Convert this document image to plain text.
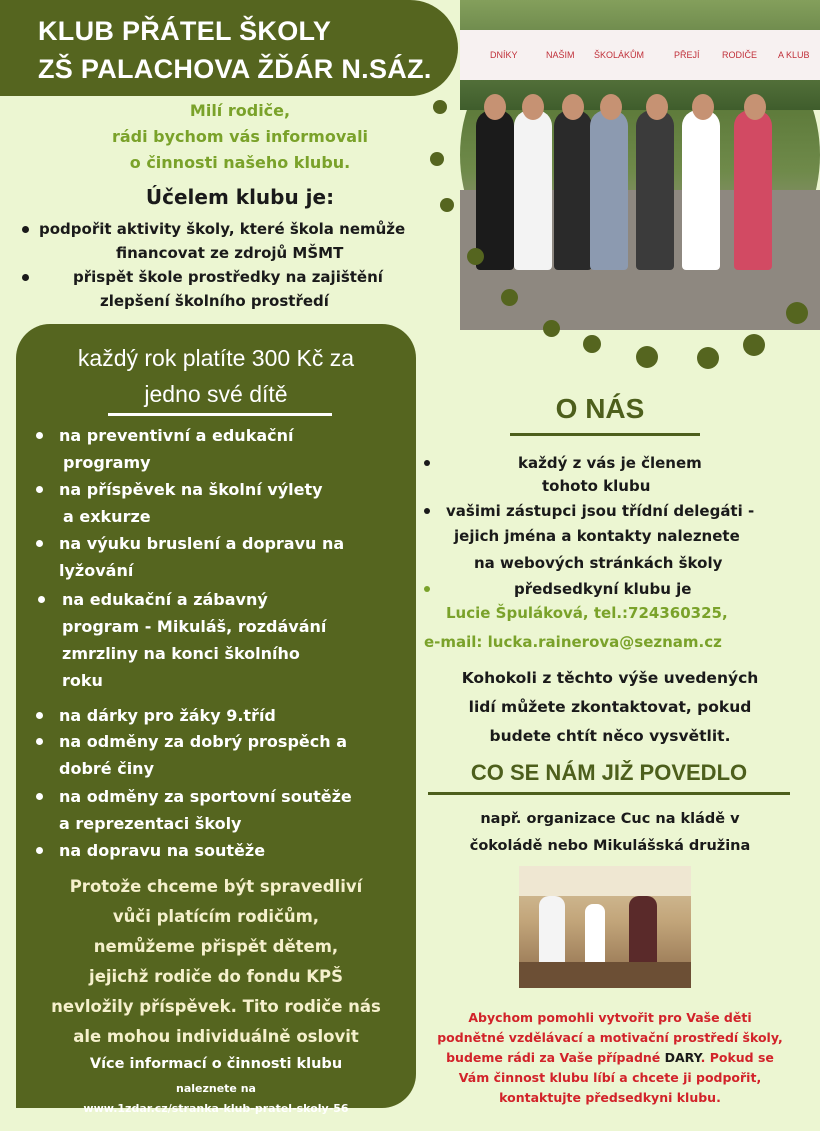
KLUB PŘÁTEL ŠKOLY
ZŠ PALACHOVA ŽĎÁR N.SÁZ.
Milí rodiče,
rádi bychom vás informovali
o činnosti našeho klubu.
Účelem klubu je:
podpořit aktivity školy, které škola nemůže
financovat ze zdrojů MŠMT
přispět škole prostředky na zajištění
zlepšení školního prostředí
DNÍKY	NAŠIM ŠKOLÁKŮM	PŘEJÍ RODIČE A KLUB
každý rok platíte 300 Kč za
jedno své dítě
na preventivní a edukační
programy
na příspěvek na školní výlety
a exkurze
na výuku bruslení a dopravu na
lyžování
na edukační a zábavný
program - Mikuláš, rozdávání
zmrzliny na konci školního
roku
na dárky pro žáky 9.tříd
na odměny za dobrý prospěch a
dobré činy
na odměny za sportovní soutěže
a reprezentaci školy
na dopravu na soutěže
Protože chceme být spravedliví
vůči platícím rodičům,
nemůžeme přispět dětem,
jejichž rodiče do fondu KPŠ
nevložily příspěvek. Tito rodiče nás
ale mohou individuálně oslovit
Více informací o činnosti klubu
naleznete na
www.1zdar.cz/stranka-klub-pratel-skoly-56
O NÁS
každý z vás je členem
tohoto klubu
vašimi zástupci jsou třídní delegáti -
jejich jména a kontakty naleznete
na webových stránkách školy
předsedkyní klubu je
Lucie Špuláková, tel.:724360325,
e-mail: lucka.rainerova@seznam.cz
Kohokoli z těchto výše uvedených
lidí můžete zkontaktovat, pokud
budete chtít něco vysvětlit.
CO SE NÁM JIŽ POVEDLO
např. organizace Cuc na kládě v
čokoládě nebo Mikulášská družina
Abychom pomohli vytvořit pro Vaše děti
podnětné vzdělávací a motivační prostředí školy,
budeme rádi za Vaše případné DARY. Pokud se
Vám činnost klubu líbí a chcete ji podpořit,
kontaktujte předsedkyni klubu.
